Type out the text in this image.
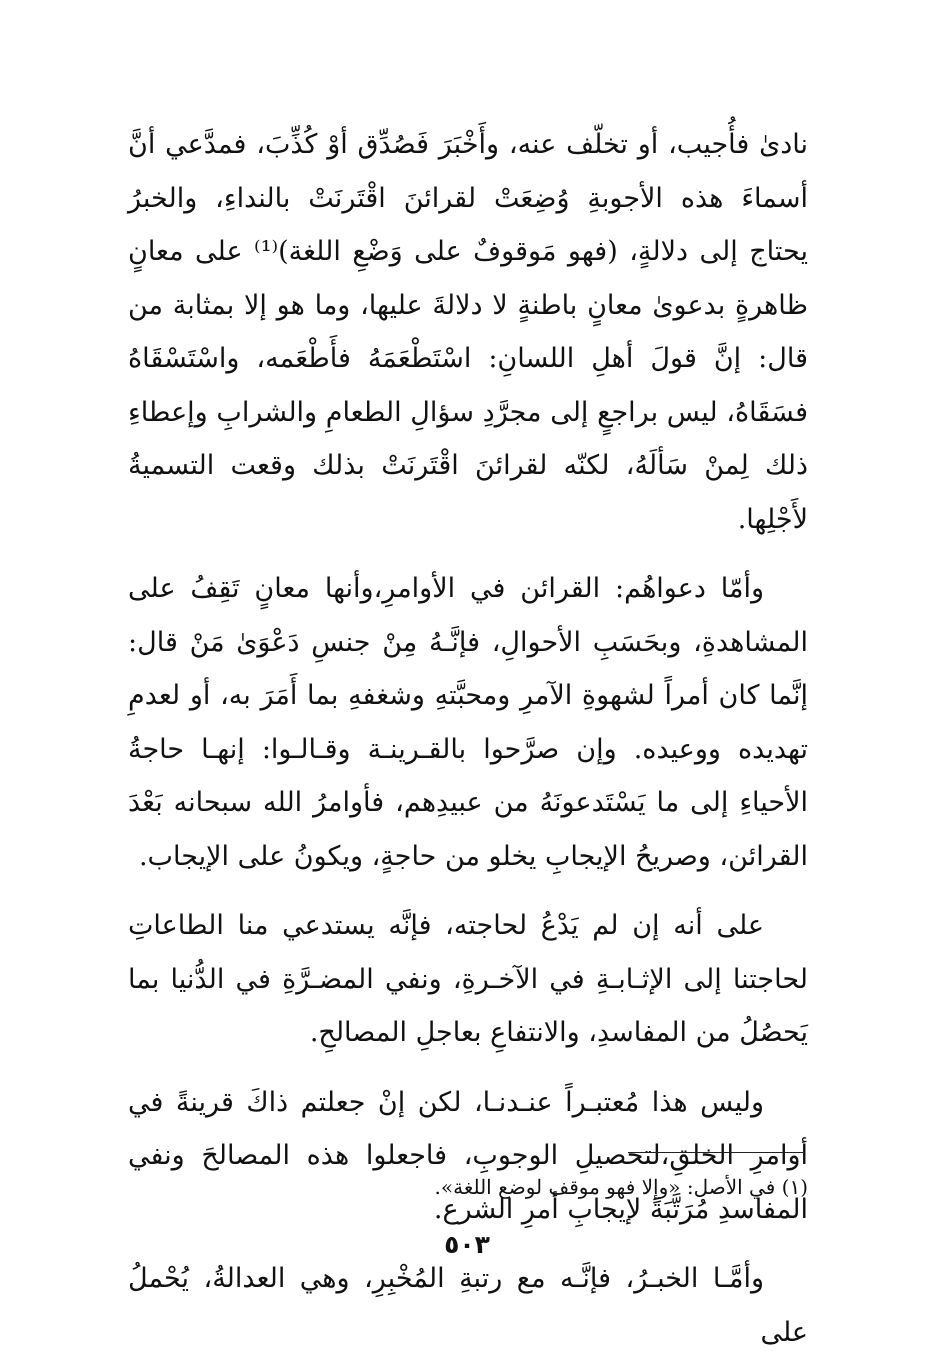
نادىٰ فأُجيب، أو تخلّف عنه، وأَخْبَرَ فَصُدِّق أوْ كُذِّبَ، فمدَّعي أنَّ أسماءَ هذه الأجوبةِ وُضِعَتْ لقرائنَ اقْتَرنَتْ بالنداءِ، والخبرُ يحتاج إلى دلالةٍ، (فهو مَوقوفٌ على وَضْعِ اللغة)⁽¹⁾ على معانٍ ظاهرةٍ بدعوىٰ معانٍ باطنةٍ لا دلالةَ عليها، وما هو إلا بمثابة من قال: إنَّ قولَ أهلِ اللسانِ: اسْتَطْعَمَهُ فأَطْعَمه، واسْتَسْقَاهُ فسَقَاهُ، ليس براجعٍ إلى مجرَّدِ سؤالِ الطعامِ والشرابِ وإعطاءِ ذلك لِمنْ سَألَهُ، لكنّه لقرائنَ اقْتَرنَتْ بذلك وقعت التسميةُ لأَجْلِها.

وأمّا دعواهُم: القرائن في الأوامرِ،وأنها معانٍ تَقِفُ على المشاهدةِ، وبحَسَبِ الأحوالِ، فإنَّـهُ مِنْ جنسِ دَعْوَىٰ مَنْ قال: إنَّما كان أمراً لشهوةِ الآمرِ ومحبَّتهِ وشغفهِ بما أَمَرَ به، أو لعدمِ تهديده ووعيده. وإن صرَّحوا بالقـرينـة وقـالـوا: إنهـا حاجةُ الأحياءِ إلى ما يَسْتَدعونَهُ من عبيدِهم، فأوامرُ الله سبحانه بَعْدَ القرائن، وصريحُ الإيجابِ يخلو من حاجةٍ، ويكونُ على الإيجاب.

على أنه إن لم يَدْعُ لحاجته، فإنَّه يستدعي منا الطاعاتِ لحاجتنا إلى الإثـابـةِ في الآخـرةِ، ونفي المضـرَّةِ في الدُّنيا بما يَحصُلُ من المفاسدِ، والانتفاعِ بعاجلِ المصالحِ.

وليس هذا مُعتبـراً عنـدنـا، لكن إنْ جعلتم ذاكَ قرينةً في أوامرِ الخلقِ،لتحصيلِ الوجوبِ، فاجعلوا هذه المصالحَ ونفي المفاسدِ مُرَتَّبَةً لإيجابِ أمرِ الشرع.

وأمَّـا الخبـرُ، فإنَّـه مع رتبةِ المُخْبِرِ، وهي العدالةُ، يُحْملُ على

(١) في الأصل: «وإلا فهو موقف لوضع اللغة».
٥٠٣
